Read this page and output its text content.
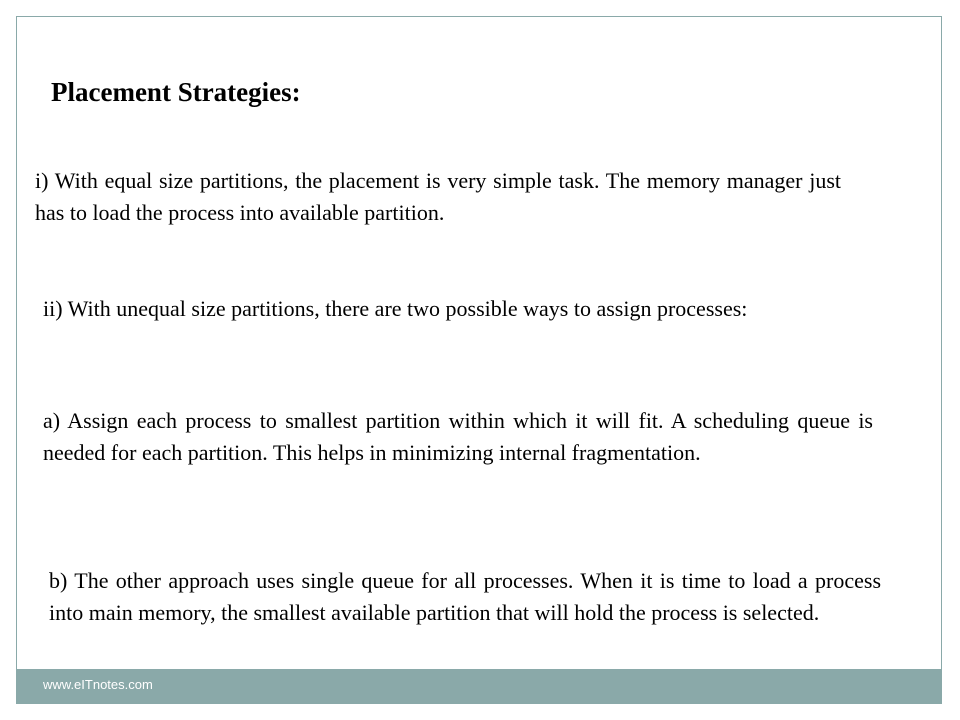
Placement Strategies:

i) With equal size partitions, the placement is very simple task. The memory manager just has to load the process into available partition.

ii) With unequal size partitions, there are two possible ways to assign processes:

a) Assign each process to smallest partition within which it will fit. A scheduling queue is needed for each partition. This helps in minimizing internal fragmentation.

b) The other approach uses single queue for all processes. When it is time to load a process into main memory, the smallest available partition that will hold the process is selected.

www.eITnotes.com
